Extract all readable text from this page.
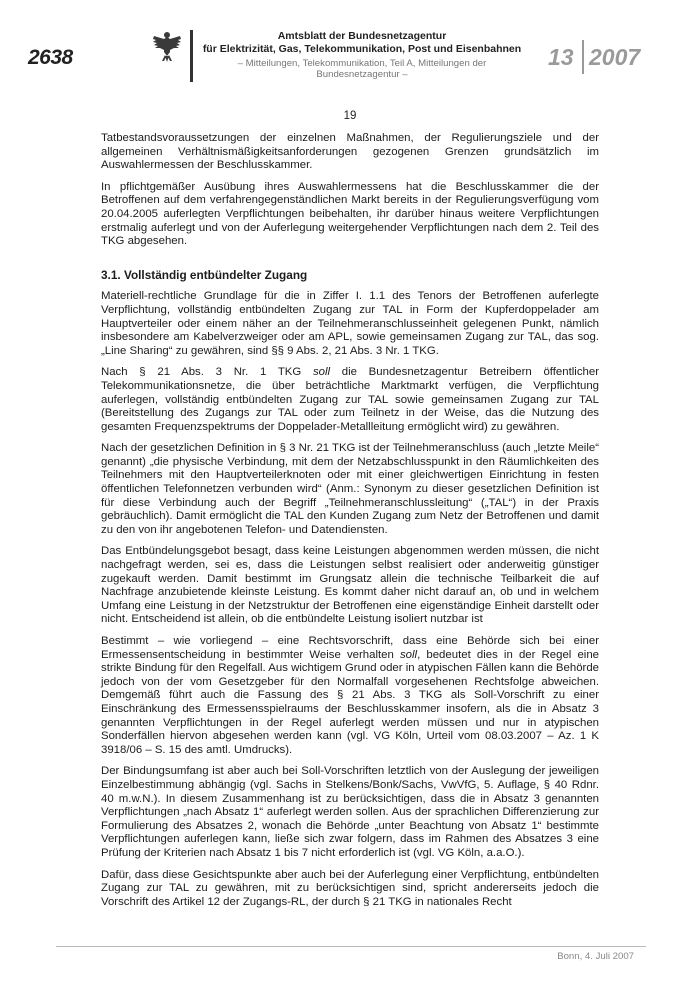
2638
Amtsblatt der Bundesnetzagentur
für Elektrizität, Gas, Telekommunikation, Post und Eisenbahnen
– Mitteilungen, Telekommunikation, Teil A, Mitteilungen der Bundesnetzagentur –
13 2007
19

Tatbestandsvoraussetzungen der einzelnen Maßnahmen, der Regulierungsziele und der allgemeinen Verhältnismäßigkeitsanforderungen gezogenen Grenzen grundsätzlich im Auswahlermessen der Beschlusskammer.

In pflichtgemäßer Ausübung ihres Auswahlermessens hat die Beschlusskammer die der Betroffenen auf dem verfahrengegenständlichen Markt bereits in der Regulierungsverfügung vom 20.04.2005 auferlegten Verpflichtungen beibehalten, ihr darüber hinaus weitere Verpflichtungen erstmalig auferlegt und von der Auferlegung weitergehender Verpflichtungen nach dem 2. Teil des TKG abgesehen.

3.1. Vollständig entbündelter Zugang

Materiell-rechtliche Grundlage für die in Ziffer I. 1.1 des Tenors der Betroffenen auferlegte Verpflichtung, vollständig entbündelten Zugang zur TAL in Form der Kupferdoppelader am Hauptverteiler oder einem näher an der Teilnehmeranschlusseinheit gelegenen Punkt, nämlich insbesondere am Kabelverzweiger oder am APL, sowie gemeinsamen Zugang zur TAL, das sog. „Line Sharing“ zu gewähren, sind §§ 9 Abs. 2, 21 Abs. 3 Nr. 1 TKG.

Nach § 21 Abs. 3 Nr. 1 TKG soll die Bundesnetzagentur Betreibern öffentlicher Telekommunikationsnetze, die über beträchtliche Marktmarkt verfügen, die Verpflichtung auferlegen, vollständig entbündelten Zugang zur TAL sowie gemeinsamen Zugang zur TAL (Bereitstellung des Zugangs zur TAL oder zum Teilnetz in der Weise, das die Nutzung des gesamten Frequenzspektrums der Doppelader-Metallleitung ermöglicht wird) zu gewähren.

Nach der gesetzlichen Definition in § 3 Nr. 21 TKG ist der Teilnehmeranschluss (auch „letzte Meile“ genannt) „die physische Verbindung, mit dem der Netzabschlusspunkt in den Räumlichkeiten des Teilnehmers mit den Hauptverteilerknoten oder mit einer gleichwertigen Einrichtung in festen öffentlichen Telefonnetzen verbunden wird“ (Anm.: Synonym zu dieser gesetzlichen Definition ist für diese Verbindung auch der Begriff „Teilnehmeranschlussleitung“ („TAL“) in der Praxis gebräuchlich). Damit ermöglicht die TAL den Kunden Zugang zum Netz der Betroffenen und damit zu den von ihr angebotenen Telefon- und Datendiensten.

Das Entbündelungsgebot besagt, dass keine Leistungen abgenommen werden müssen, die nicht nachgefragt werden, sei es, dass die Leistungen selbst realisiert oder anderweitig günstiger zugekauft werden. Damit bestimmt im Grungsatz allein die technische Teilbarkeit die auf Nachfrage anzubietende kleinste Leistung. Es kommt daher nicht darauf an, ob und in welchem Umfang eine Leistung in der Netzstruktur der Betroffenen eine eigenständige Einheit darstellt oder nicht. Entscheidend ist allein, ob die entbündelte Leistung isoliert nutzbar ist

Bestimmt – wie vorliegend – eine Rechtsvorschrift, dass eine Behörde sich bei einer Ermessensentscheidung in bestimmter Weise verhalten soll, bedeutet dies in der Regel eine strikte Bindung für den Regelfall. Aus wichtigem Grund oder in atypischen Fällen kann die Behörde jedoch von der vom Gesetzgeber für den Normalfall vorgesehenen Rechtsfolge abweichen. Demgemäß führt auch die Fassung des § 21 Abs. 3 TKG als Soll-Vorschrift zu einer Einschränkung des Ermessensspielraums der Beschlusskammer insofern, als die in Absatz 3 genannten Verpflichtungen in der Regel auferlegt werden müssen und nur in atypischen Sonderfällen hiervon abgesehen werden kann (vgl. VG Köln, Urteil vom 08.03.2007 – Az. 1 K 3918/06 – S. 15 des amtl. Umdrucks).

Der Bindungsumfang ist aber auch bei Soll-Vorschriften letztlich von der Auslegung der jeweiligen Einzelbestimmung abhängig (vgl. Sachs in Stelkens/Bonk/Sachs, VwVfG, 5. Auflage, § 40 Rdnr. 40 m.w.N.). In diesem Zusammenhang ist zu berücksichtigen, dass die in Absatz 3 genannten Verpflichtungen „nach Absatz 1“ auferlegt werden sollen. Aus der sprachlichen Differenzierung zur Formulierung des Absatzes 2, wonach die Behörde „unter Beachtung von Absatz 1“ bestimmte Verpflichtungen auferlegen kann, ließe sich zwar folgern, dass im Rahmen des Absatzes 3 eine Prüfung der Kriterien nach Absatz 1 bis 7 nicht erforderlich ist (vgl. VG Köln, a.a.O.).

Dafür, dass diese Gesichtspunkte aber auch bei der Auferlegung einer Verpflichtung, entbündelten Zugang zur TAL zu gewähren, mit zu berücksichtigen sind, spricht andererseits jedoch die Vorschrift des Artikel 12 der Zugangs-RL, der durch § 21 TKG in nationales Recht

Bonn, 4. Juli 2007
